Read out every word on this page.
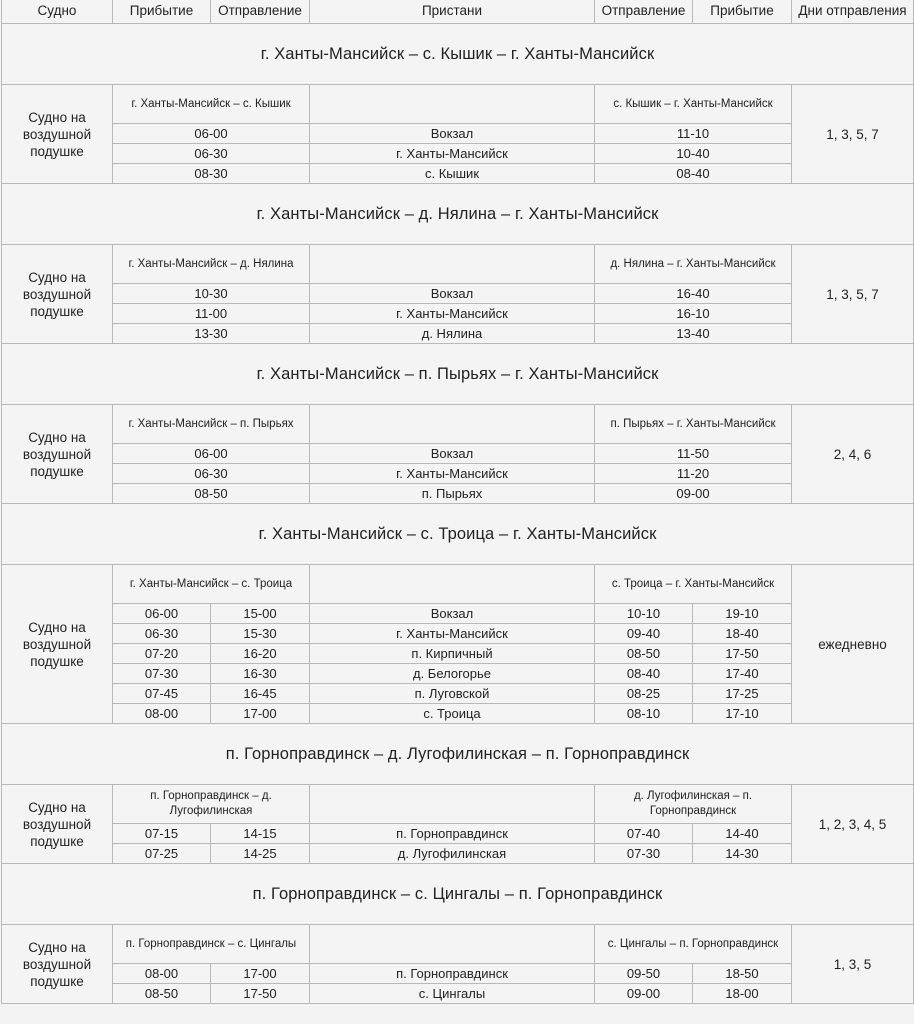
Судно	Прибытие	Отправление	Пристани	Отправление	Прибытие	Дни отправления
г. Ханты-Мансийск – с. Кышик – г. Ханты-Мансийск						
Судно на воздушной подушке	г. Ханты-Мансийск – с. Кышик			с. Кышик – г. Ханты-Мансийск		1, 3, 5, 7
	06-00		Вокзал	11-10		
	06-30		г. Ханты-Мансийск	10-40		
	08-30		с. Кышик	08-40		
г. Ханты-Мансийск – д. Нялина – г. Ханты-Мансийск						
Судно на воздушной подушке	г. Ханты-Мансийск – д. Нялина			д. Нялина – г. Ханты-Мансийск		1, 3, 5, 7
	10-30		Вокзал	16-40		
	11-00		г. Ханты-Мансийск	16-10		
	13-30		д. Нялина	13-40		
г. Ханты-Мансийск – п. Пырьях – г. Ханты-Мансийск						
Судно на воздушной подушке	г. Ханты-Мансийск – п. Пырьях			п. Пырьях – г. Ханты-Мансийск		2, 4, 6
	06-00		Вокзал	11-50		
	06-30		г. Ханты-Мансийск	11-20		
	08-50		п. Пырьях	09-00		
г. Ханты-Мансийск – с. Троица – г. Ханты-Мансийск						
Судно на воздушной подушке	г. Ханты-Мансийск – с. Троица			с. Троица – г. Ханты-Мансийск		ежедневно
	06-00	15-00	Вокзал	10-10	19-10	
	06-30	15-30	г. Ханты-Мансийск	09-40	18-40	
	07-20	16-20	п. Кирпичный	08-50	17-50	
	07-30	16-30	д. Белогорье	08-40	17-40	
	07-45	16-45	п. Луговской	08-25	17-25	
	08-00	17-00	с. Троица	08-10	17-10	
п. Горноправдинск – д. Лугофилинская – п. Горноправдинск						
Судно на воздушной подушке	п. Горноправдинск – д. Лугофилинская			д. Лугофилинская – п. Горноправдинск		1, 2, 3, 4, 5
	07-15	14-15	п. Горноправдинск	07-40	14-40	
	07-25	14-25	д. Лугофилинская	07-30	14-30	
п. Горноправдинск – с. Цингалы – п. Горноправдинск						
Судно на воздушной подушке	п. Горноправдинск – с. Цингалы			с. Цингалы – п. Горноправдинск		1, 3, 5
	08-00	17-00	п. Горноправдинск	09-50	18-50	
	08-50	17-50	с. Цингалы	09-00	18-00	
